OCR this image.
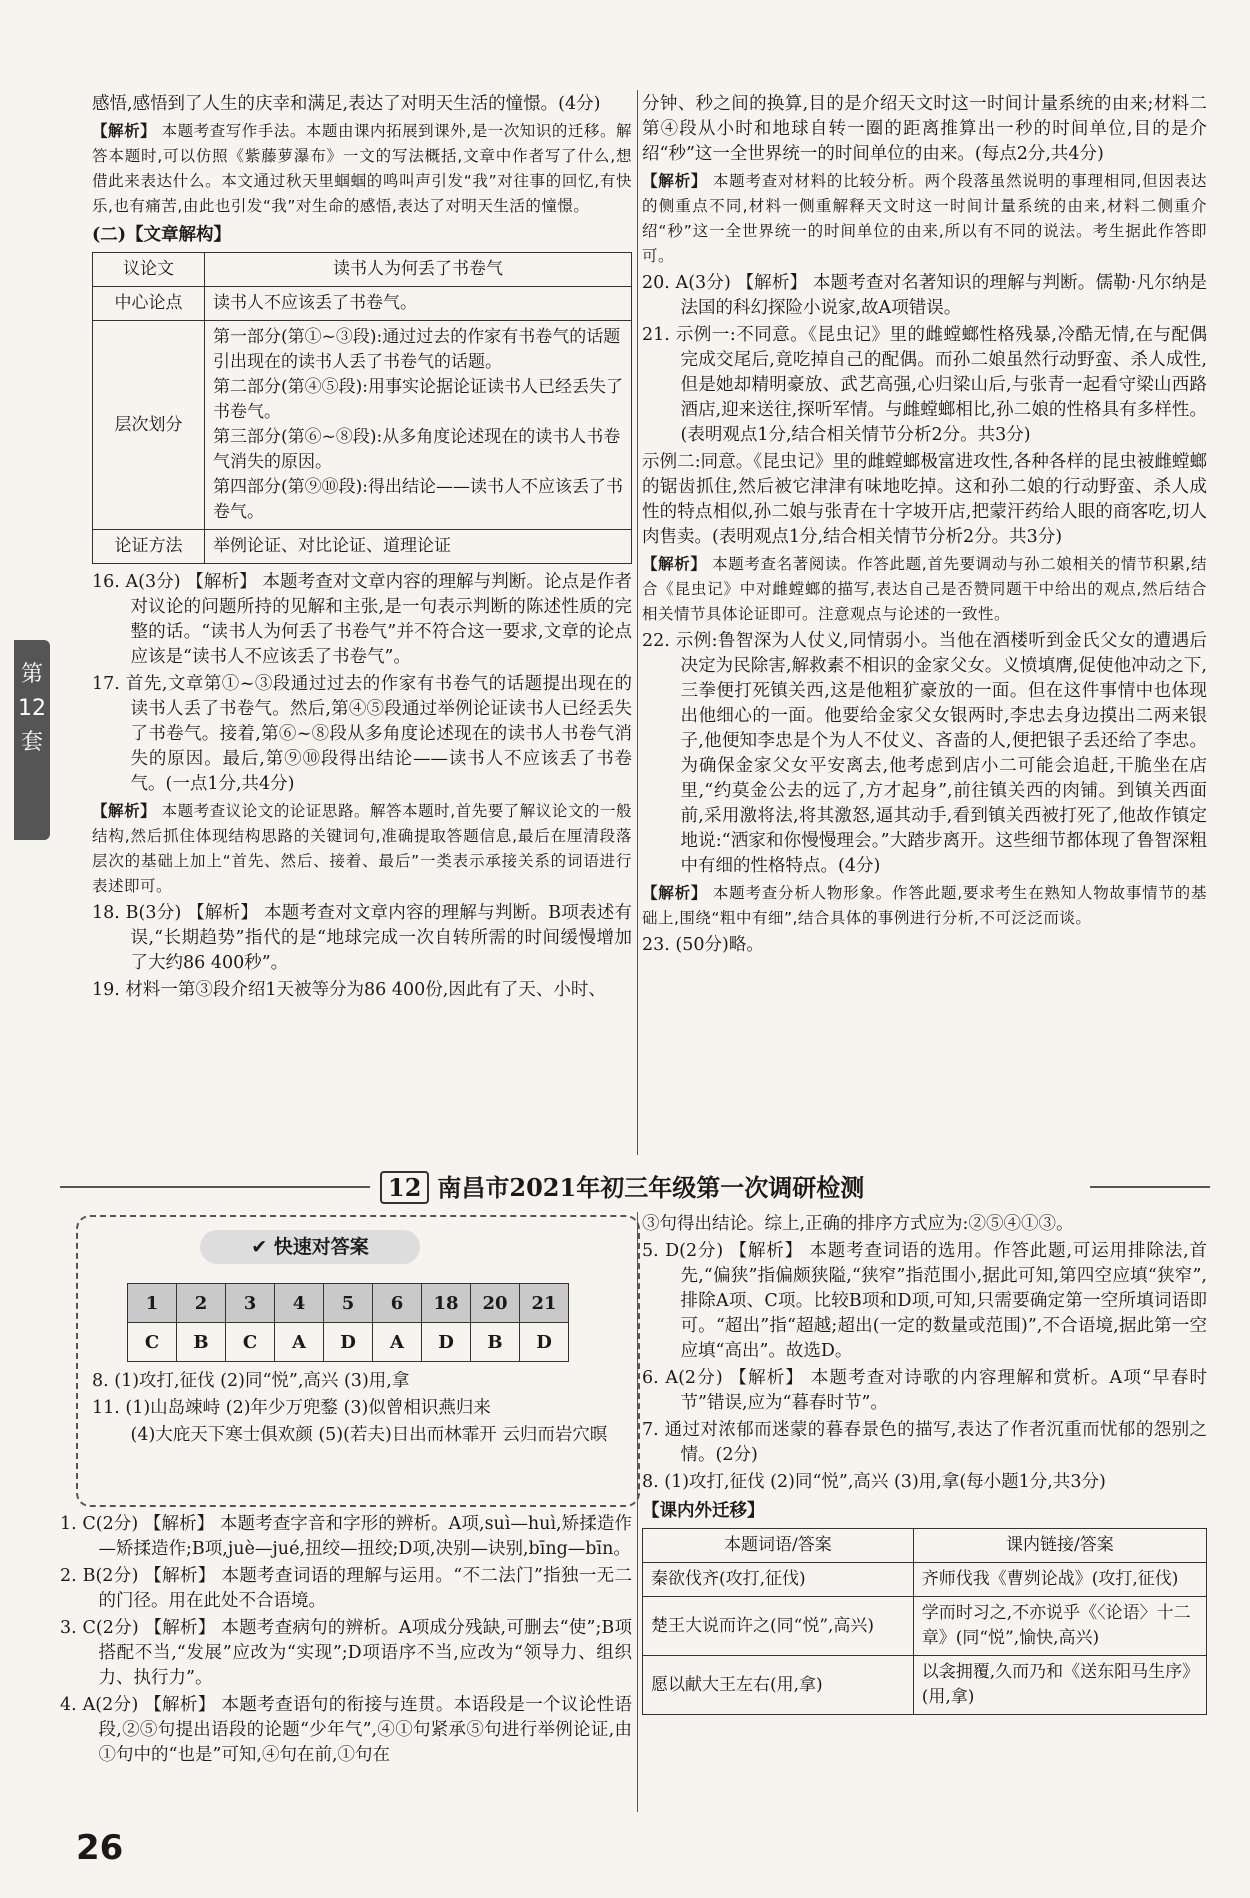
第12套

感悟,感悟到了人生的庆幸和满足,表达了对明天生活的憧憬。(4分)

【解析】 本题考查写作手法。本题由课内拓展到课外,是一次知识的迁移。解答本题时,可以仿照《紫藤萝瀑布》一文的写法概括,文章中作者写了什么,想借此来表达什么。本文通过秋天里蝈蝈的鸣叫声引发“我”对往事的回忆,有快乐,也有痛苦,由此也引发“我”对生命的感悟,表达了对明天生活的憧憬。

(二)【文章解构】
议论文	读书人为何丢了书卷气
中心论点	读书人不应该丢了书卷气。
层次划分	第一部分(第①~③段):通过过去的作家有书卷气的话题引出现在的读书人丢了书卷气的话题。
第二部分(第④⑤段):用事实论据论证读书人已经丢失了书卷气。
第三部分(第⑥~⑧段):从多角度论述现在的读书人书卷气消失的原因。
第四部分(第⑨⑩段):得出结论——读书人不应该丢了书卷气。

论证方法	举例论证、对比论证、道理论证

16. A(3分) 【解析】 本题考查对文章内容的理解与判断。论点是作者对议论的问题所持的见解和主张,是一句表示判断的陈述性质的完整的话。“读书人为何丢了书卷气”并不符合这一要求,文章的论点应该是“读书人不应该丢了书卷气”。

17. 首先,文章第①~③段通过过去的作家有书卷气的话题提出现在的读书人丢了书卷气。然后,第④⑤段通过举例论证读书人已经丢失了书卷气。接着,第⑥~⑧段从多角度论述现在的读书人书卷气消失的原因。最后,第⑨⑩段得出结论——读书人不应该丢了书卷气。(一点1分,共4分)

【解析】 本题考查议论文的论证思路。解答本题时,首先要了解议论文的一般结构,然后抓住体现结构思路的关键词句,准确提取答题信息,最后在厘清段落层次的基础上加上“首先、然后、接着、最后”一类表示承接关系的词语进行表述即可。

18. B(3分) 【解析】 本题考查对文章内容的理解与判断。B项表述有误,“长期趋势”指代的是“地球完成一次自转所需的时间缓慢增加了大约86 400秒”。

19. 材料一第③段介绍1天被等分为86 400份,因此有了天、小时、

分钟、秒之间的换算,目的是介绍天文时这一时间计量系统的由来;材料二第④段从小时和地球自转一圈的距离推算出一秒的时间单位,目的是介绍“秒”这一全世界统一的时间单位的由来。(每点2分,共4分)

【解析】 本题考查对材料的比较分析。两个段落虽然说明的事理相同,但因表达的侧重点不同,材料一侧重解释天文时这一时间计量系统的由来,材料二侧重介绍“秒”这一全世界统一的时间单位的由来,所以有不同的说法。考生据此作答即可。

20. A(3分) 【解析】 本题考查对名著知识的理解与判断。儒勒·凡尔纳是法国的科幻探险小说家,故A项错误。

21. 示例一:不同意。《昆虫记》里的雌螳螂性格残暴,冷酷无情,在与配偶完成交尾后,竟吃掉自己的配偶。而孙二娘虽然行动野蛮、杀人成性,但是她却精明豪放、武艺高强,心归梁山后,与张青一起看守梁山西路酒店,迎来送往,探听军情。与雌螳螂相比,孙二娘的性格具有多样性。(表明观点1分,结合相关情节分析2分。共3分)

示例二:同意。《昆虫记》里的雌螳螂极富进攻性,各种各样的昆虫被雌螳螂的锯齿抓住,然后被它津津有味地吃掉。这和孙二娘的行动野蛮、杀人成性的特点相似,孙二娘与张青在十字坡开店,把蒙汗药给人眼的商客吃,切人肉售卖。(表明观点1分,结合相关情节分析2分。共3分)

【解析】 本题考查名著阅读。作答此题,首先要调动与孙二娘相关的情节积累,结合《昆虫记》中对雌螳螂的描写,表达自己是否赞同题干中给出的观点,然后结合相关情节具体论证即可。注意观点与论述的一致性。

22. 示例:鲁智深为人仗义,同情弱小。当他在酒楼听到金氏父女的遭遇后决定为民除害,解救素不相识的金家父女。义愤填膺,促使他冲动之下,三拳便打死镇关西,这是他粗犷豪放的一面。但在这件事情中也体现出他细心的一面。他要给金家父女银两时,李忠去身边摸出二两来银子,他便知李忠是个为人不仗义、吝啬的人,便把银子丢还给了李忠。为确保金家父女平安离去,他考虑到店小二可能会追赶,干脆坐在店里,“约莫金公去的远了,方才起身”,前往镇关西的肉铺。到镇关西面前,采用激将法,将其激怒,逼其动手,看到镇关西被打死了,他故作镇定地说:“洒家和你慢慢理会。”大踏步离开。这些细节都体现了鲁智深粗中有细的性格特点。(4分)

【解析】 本题考查分析人物形象。作答此题,要求考生在熟知人物故事情节的基础上,围绕“粗中有细”,结合具体的事例进行分析,不可泛泛而谈。

23. (50分)略。

12 南昌市2021年初三年级第一次调研检测
✔ 快速对答案
1	2	3	4	5	6	18	20	21
C	B	C	A	D	A	D	B	D
8. (1)攻打,征伐 (2)同“悦”,高兴 (3)用,拿
11. (1)山岛竦峙 (2)年少万兜鍪 (3)似曾相识燕归来
(4)大庇天下寒士俱欢颜 (5)(若夫)日出而林霏开 云归而岩穴暝

1. C(2分) 【解析】 本题考查字音和字形的辨析。A项,suì—huì,矫揉造作—矫揉造作;B项,juè—jué,扭绞—扭绞;D项,决别—诀别,bīng—bīn。

2. B(2分) 【解析】 本题考查词语的理解与运用。“不二法门”指独一无二的门径。用在此处不合语境。

3. C(2分) 【解析】 本题考查病句的辨析。A项成分残缺,可删去“使”;B项搭配不当,“发展”应改为“实现”;D项语序不当,应改为“领导力、组织力、执行力”。

4. A(2分) 【解析】 本题考查语句的衔接与连贯。本语段是一个议论性语段,②⑤句提出语段的论题“少年气”,④①句紧承⑤句进行举例论证,由①句中的“也是”可知,④句在前,①句在

③句得出结论。综上,正确的排序方式应为:②⑤④①③。

5. D(2分) 【解析】 本题考查词语的选用。作答此题,可运用排除法,首先,“偏狭”指偏颇狭隘,“狭窄”指范围小,据此可知,第四空应填“狭窄”,排除A项、C项。比较B项和D项,可知,只需要确定第一空所填词语即可。“超出”指“超越;超出(一定的数量或范围)”,不合语境,据此第一空应填“高出”。故选D。

6. A(2分) 【解析】 本题考查对诗歌的内容理解和赏析。A项“早春时节”错误,应为“暮春时节”。

7. 通过对浓郁而迷蒙的暮春景色的描写,表达了作者沉重而忧郁的怨别之情。(2分)

8. (1)攻打,征伐 (2)同“悦”,高兴 (3)用,拿(每小题1分,共3分)

【课内外迁移】
本题词语/答案	课内链接/答案
秦欲伐齐(攻打,征伐)	齐师伐我《曹刿论战》(攻打,征伐)
楚王大说而许之(同“悦”,高兴)	学而时习之,不亦说乎《〈论语〉十二章》(同“悦”,愉快,高兴)
愿以献大王左右(用,拿)	以衾拥覆,久而乃和《送东阳马生序》(用,拿)
26
